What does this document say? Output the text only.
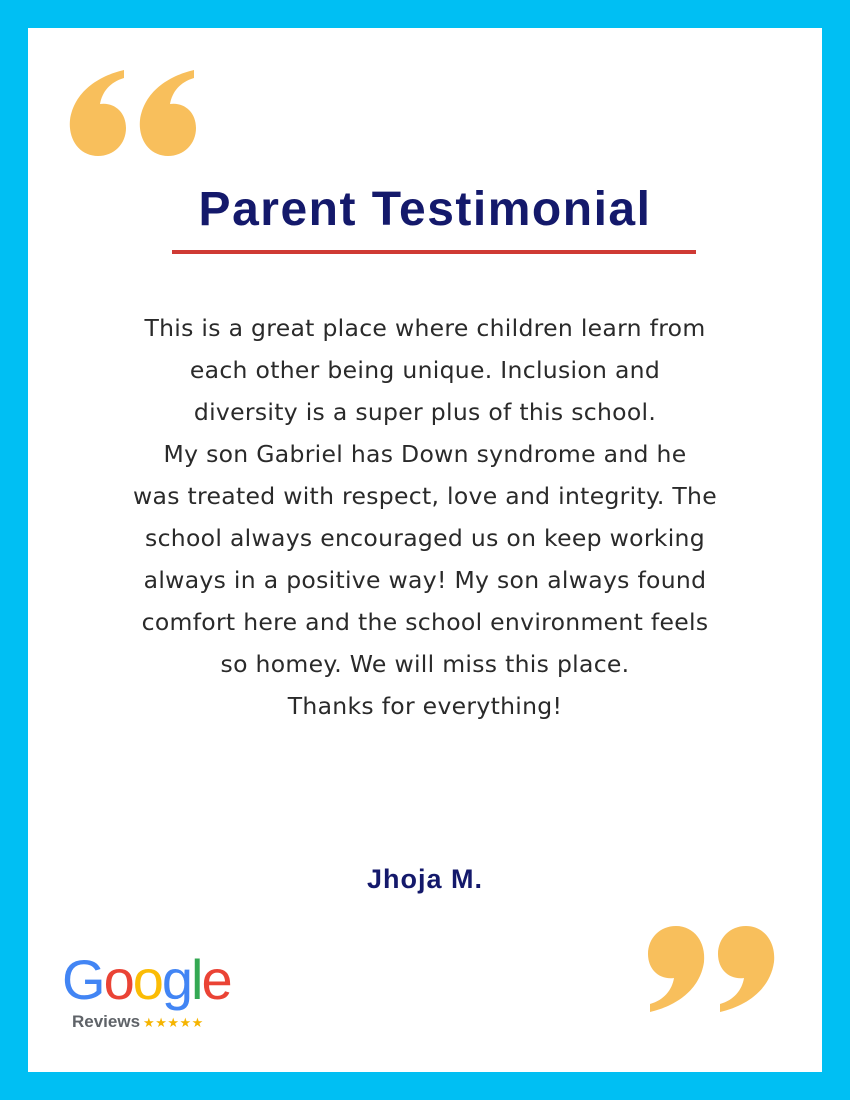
Parent Testimonial
This is a great place where children learn from
each other being unique. Inclusion and
diversity is a super plus of this school.
My son Gabriel has Down syndrome and he
was treated with respect, love and integrity. The
school always encouraged us on keep working
always in a positive way! My son always found
comfort here and the school environment feels
so homey. We will miss this place.
Thanks for everything!
Jhoja M.
Google
Reviews ★★★★★
